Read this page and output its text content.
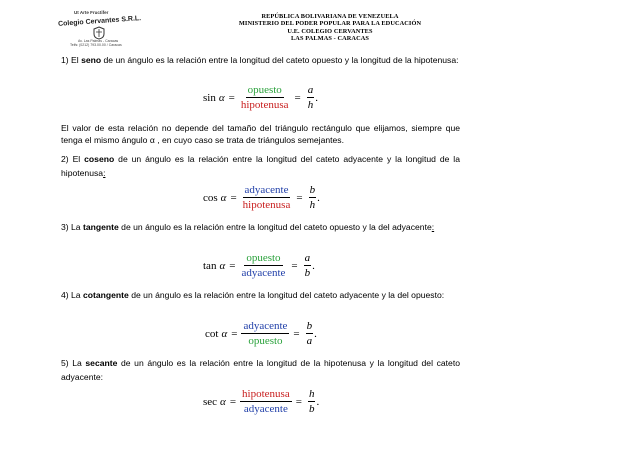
Ut Arte Fructifer
Colegio Cervantes S.R.L.
Av. Las Palmas - Caracas
Telfs: (0212) 793.00.00 / Caracas
REPÚBLICA BOLIVARIANA DE VENEZUELA
MINISTERIO DEL PODER POPULAR PARA LA EDUCACIÓN
U.E. COLEGIO CERVANTES
LAS PALMAS - CARACAS
1) El seno de un ángulo es la relación entre la longitud del cateto opuesto y la longitud de la hipotenusa:
$\sin \alpha = \frac{\text{opuesto}}{\text{hipotenusa}} = \frac{a}{h}$ .
El valor de esta relación no depende del tamaño del triángulo rectángulo que elijamos, siempre que tenga el mismo ángulo α , en cuyo caso se trata de triángulos semejantes.
2) El coseno de un ángulo es la relación entre la longitud del cateto adyacente y la longitud de la hipotenusa:
$\cos \alpha = \frac{\text{adyacente}}{\text{hipotenusa}} = \frac{b}{h}$ .
3) La tangente de un ángulo es la relación entre la longitud del cateto opuesto y la del adyacente:
$\tan \alpha = \frac{\text{opuesto}}{\text{adyacente}} = \frac{a}{b}$ .
4) La cotangente de un ángulo es la relación entre la longitud del cateto adyacente y la del opuesto:
$\cot \alpha = \frac{\text{adyacente}}{\text{opuesto}} = \frac{b}{a}$ .
5) La secante de un ángulo es la relación entre la longitud de la hipotenusa y la longitud del cateto adyacente:
$\sec \alpha = \frac{\text{hipotenusa}}{\text{adyacente}} = \frac{h}{b}$ .
